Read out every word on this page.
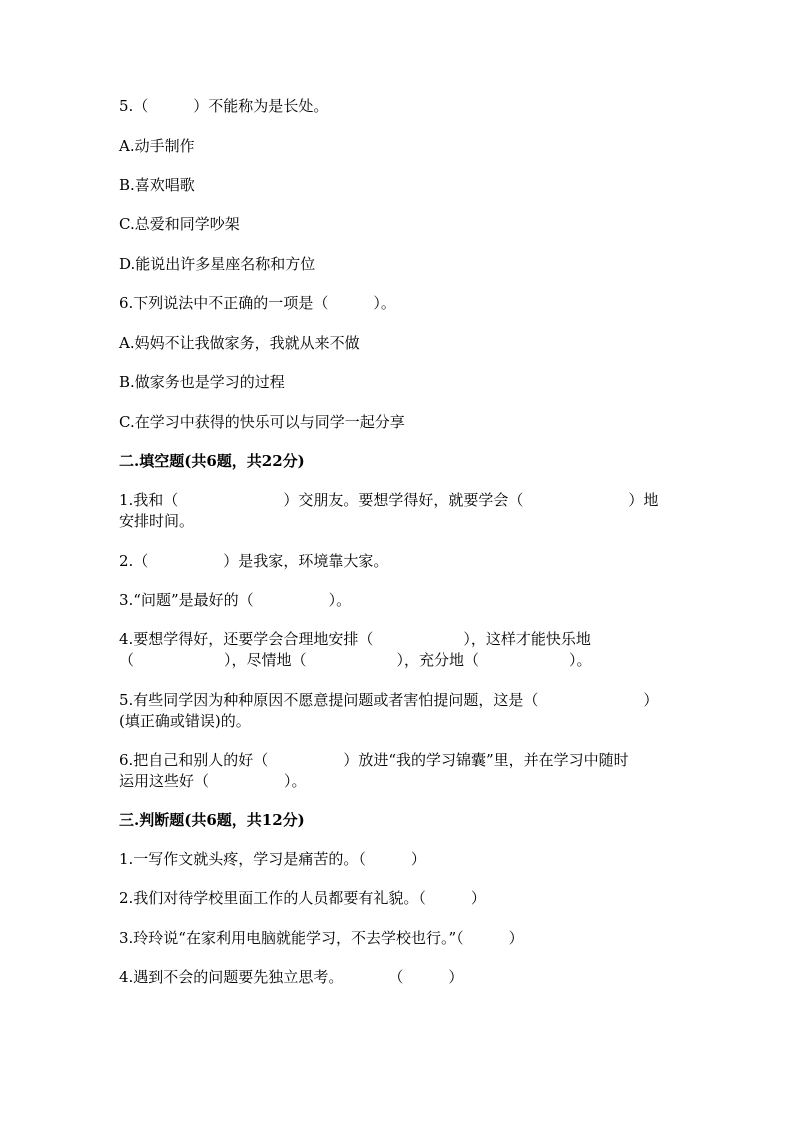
5.（　　　）不能称为是长处。
A.动手制作
B.喜欢唱歌
C.总爱和同学吵架
D.能说出许多星座名称和方位
6.下列说法中不正确的一项是（　　　）。
A.妈妈不让我做家务，我就从来不做
B.做家务也是学习的过程
C.在学习中获得的快乐可以与同学一起分享
二.填空题(共6题，共22分)
1.我和（　　　　　　　）交朋友。要想学得好，就要学会（　　　　　　　）地
安排时间。
2.（　　　　　）是我家，环境靠大家。
3.“问题”是最好的（　　　　　）。
4.要想学得好，还要学会合理地安排（　　　　　　），这样才能快乐地
（　　　　　　），尽情地（　　　　　　），充分地（　　　　　　）。
5.有些同学因为种种原因不愿意提问题或者害怕提问题，这是（　　　　　　　）
(填正确或错误)的。
6.把自己和别人的好（　　　　　）放进“我的学习锦囊”里，并在学习中随时
运用这些好（　　　　　）。
三.判断题(共6题，共12分)
1.一写作文就头疼，学习是痛苦的。（　　　）
2.我们对待学校里面工作的人员都要有礼貌。（　　　）
3.玲玲说“在家利用电脑就能学习，不去学校也行。”（　　　）
4.遇到不会的问题要先独立思考。　　　　（　　　）
